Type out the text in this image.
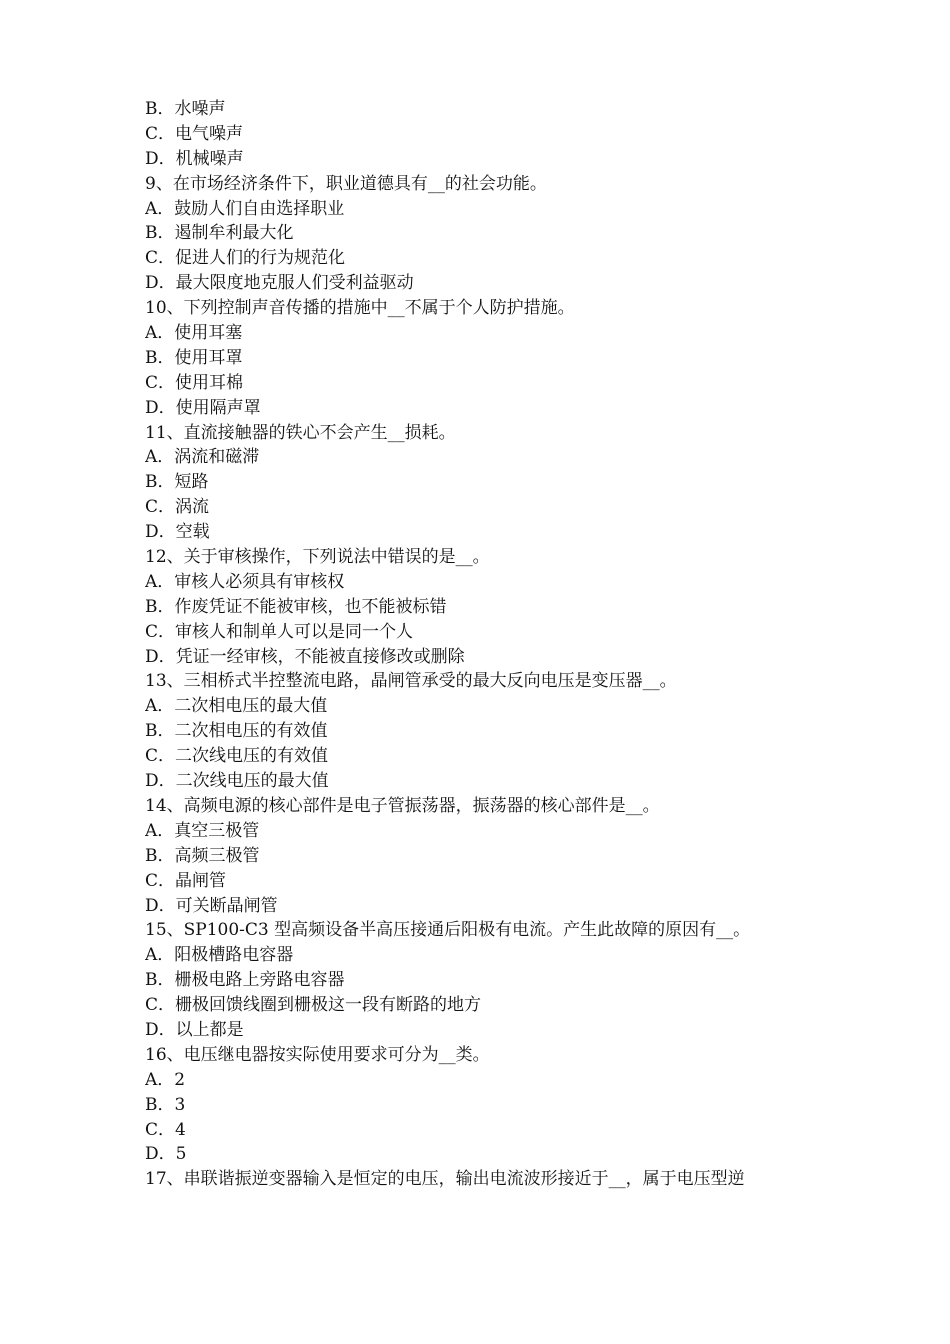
B．水噪声
C．电气噪声
D．机械噪声
9、在市场经济条件下，职业道德具有__的社会功能。
A．鼓励人们自由选择职业
B．遏制牟利最大化
C．促进人们的行为规范化
D．最大限度地克服人们受利益驱动
10、下列控制声音传播的措施中__不属于个人防护措施。
A．使用耳塞
B．使用耳罩
C．使用耳棉
D．使用隔声罩
11、直流接触器的铁心不会产生__损耗。
A．涡流和磁滞
B．短路
C．涡流
D．空载
12、关于审核操作，下列说法中错误的是__。
A．审核人必须具有审核权
B．作废凭证不能被审核，也不能被标错
C．审核人和制单人可以是同一个人
D．凭证一经审核，不能被直接修改或删除
13、三相桥式半控整流电路，晶闸管承受的最大反向电压是变压器__。
A．二次相电压的最大值
B．二次相电压的有效值
C．二次线电压的有效值
D．二次线电压的最大值
14、高频电源的核心部件是电子管振荡器，振荡器的核心部件是__。
A．真空三极管
B．高频三极管
C．晶闸管
D．可关断晶闸管
15、SP100-C3 型高频设备半高压接通后阳极有电流。产生此故障的原因有__。
A．阳极槽路电容器
B．栅极电路上旁路电容器
C．栅极回馈线圈到栅极这一段有断路的地方
D．以上都是
16、电压继电器按实际使用要求可分为__类。
A．2
B．3
C．4
D．5
17、串联谐振逆变器输入是恒定的电压，输出电流波形接近于__，属于电压型逆
